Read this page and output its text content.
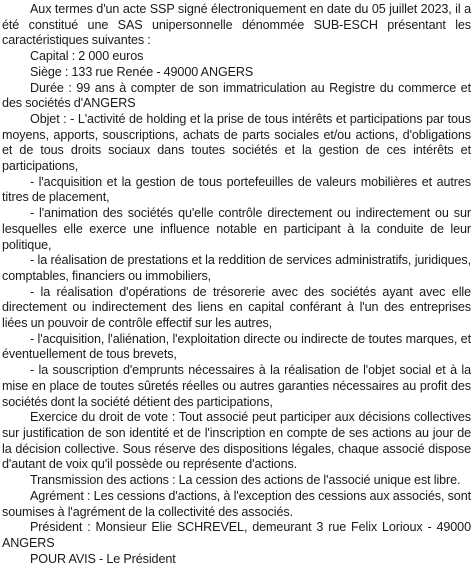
Aux termes d'un acte SSP signé électroniquement en date du 05 juillet 2023, il a été constitué une SAS unipersonnelle dénommée SUB-ESCH présentant les caractéristiques suivantes :

Capital : 2 000 euros

Siège : 133 rue Renée - 49000 ANGERS

Durée : 99 ans à compter de son immatriculation au Registre du commerce et des sociétés d'ANGERS

Objet : - L'activité de holding et la prise de tous intérêts et participations par tous moyens, apports, souscriptions, achats de parts sociales et/ou actions, d'obligations et de tous droits sociaux dans toutes sociétés et la gestion de ces intérêts et participations,

- l'acquisition et la gestion de tous portefeuilles de valeurs mobilières et autres titres de placement,

- l'animation des sociétés qu'elle contrôle directement ou indirectement ou sur lesquelles elle exerce une influence notable en participant à la conduite de leur politique,

- la réalisation de prestations et la reddition de services administratifs, juridiques, comptables, financiers ou immobiliers,

- la réalisation d'opérations de trésorerie avec des sociétés ayant avec elle directement ou indirectement des liens en capital conférant à l'un des entreprises liées un pouvoir de contrôle effectif sur les autres,

- l'acquisition, l'aliénation, l'exploitation directe ou indirecte de toutes marques, et éventuellement de tous brevets,

- la souscription d'emprunts nécessaires à la réalisation de l'objet social et à la mise en place de toutes sûretés réelles ou autres garanties nécessaires au profit des sociétés dont la société détient des participations,

Exercice du droit de vote : Tout associé peut participer aux décisions collectives sur justification de son identité et de l'inscription en compte de ses actions au jour de la décision collective. Sous réserve des dispositions légales, chaque associé dispose d'autant de voix qu'il possède ou représente d'actions.

Transmission des actions : La cession des actions de l'associé unique est libre.

Agrément : Les cessions d'actions, à l'exception des cessions aux associés, sont soumises à l'agrément de la collectivité des associés.

Président : Monsieur Elie SCHREVEL, demeurant 3 rue Felix Lorioux - 49000 ANGERS

POUR AVIS - Le Président
